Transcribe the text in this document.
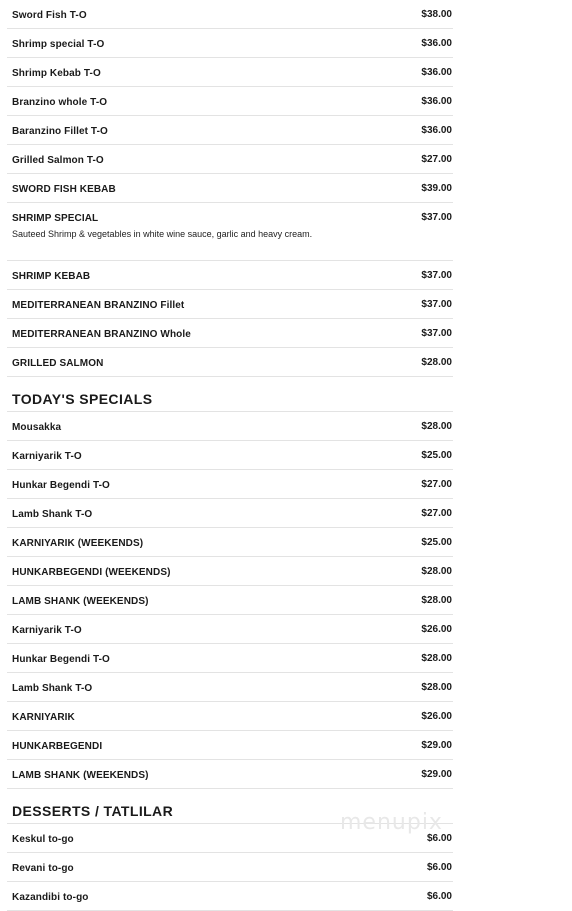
Sword Fish T-O	$38.00
Shrimp special T-O	$36.00
Shrimp Kebab T-O	$36.00
Branzino whole T-O	$36.00
Baranzino Fillet T-O	$36.00
Grilled Salmon T-O	$27.00
SWORD FISH KEBAB	$39.00
SHRIMP SPECIAL	$37.00
Sauteed Shrimp & vegetables in white wine sauce, garlic and heavy cream.
SHRIMP KEBAB	$37.00
MEDITERRANEAN BRANZINO Fillet	$37.00
MEDITERRANEAN BRANZINO Whole	$37.00
GRILLED SALMON	$28.00
TODAY'S SPECIALS
Mousakka	$28.00
Karniyarik T-O	$25.00
Hunkar Begendi T-O	$27.00
Lamb Shank T-O	$27.00
KARNIYARIK (WEEKENDS)	$25.00
HUNKARBEGENDI (WEEKENDS)	$28.00
LAMB SHANK (WEEKENDS)	$28.00
Karniyarik T-O	$26.00
Hunkar Begendi T-O	$28.00
Lamb Shank T-O	$28.00
KARNIYARIK	$26.00
HUNKARBEGENDI	$29.00
LAMB SHANK (WEEKENDS)	$29.00
DESSERTS / TATLILAR
Keskul to-go	$6.00
Revani to-go	$6.00
Kazandibi to-go	$6.00
menupix
